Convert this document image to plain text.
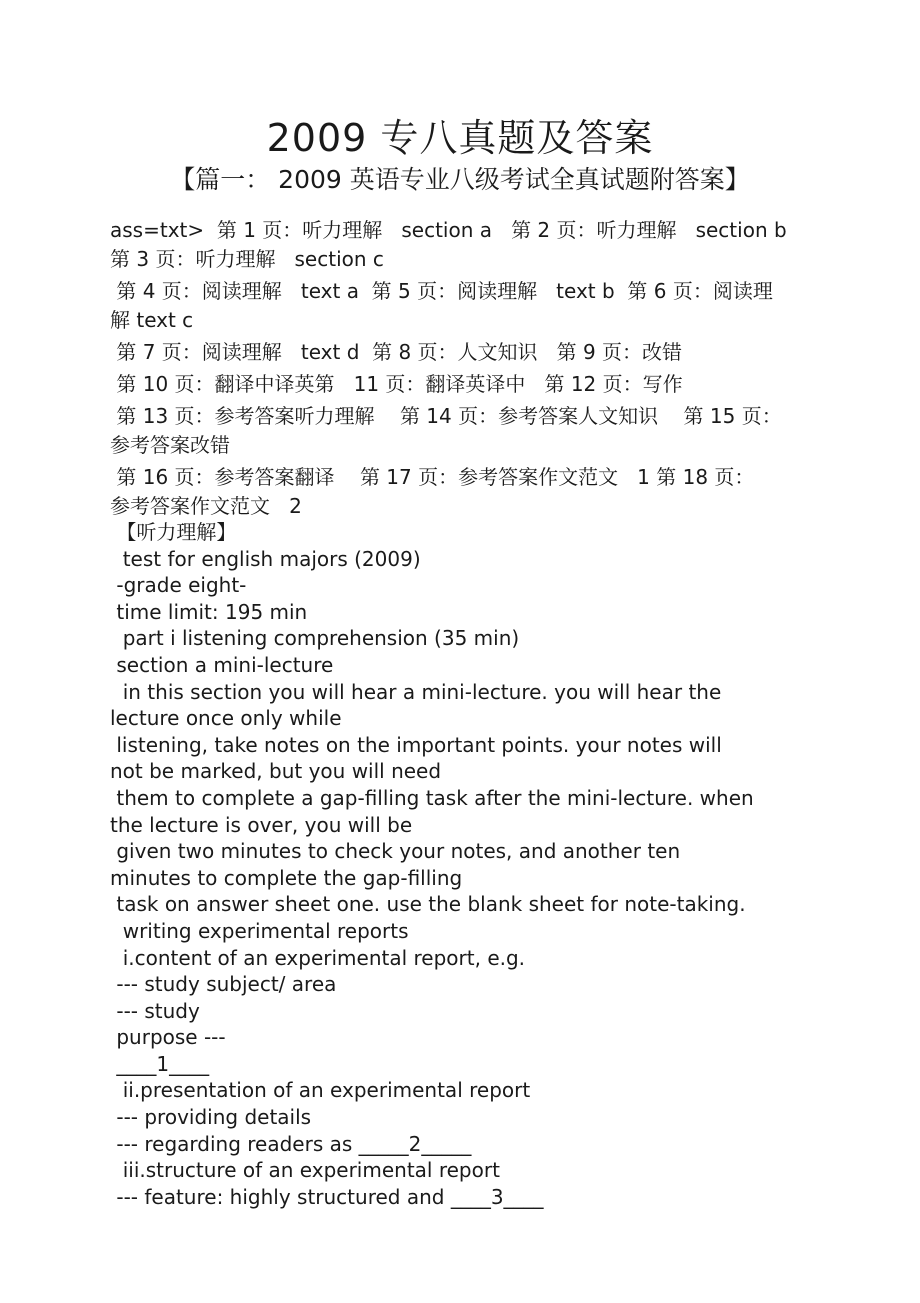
2009 专八真题及答案
【篇一： 2009 英语专业八级考试全真试题附答案】
ass=txt>  第 1 页：听力理解   section a   第 2 页：听力理解   section b
第 3 页：听力理解   section c
第 4 页：阅读理解   text a  第 5 页：阅读理解   text b  第 6 页：阅读理
解 text c
第 7 页：阅读理解   text d  第 8 页：人文知识   第 9 页：改错
第 10 页：翻译中译英第   11 页：翻译英译中   第 12 页：写作
第 13 页：参考答案听力理解    第 14 页：参考答案人文知识    第 15 页：
参考答案改错
第 16 页：参考答案翻译    第 17 页：参考答案作文范文   1 第 18 页：
参考答案作文范文   2
【听力理解】
test for english majors (2009)
-grade eight-
time limit: 195 min
part i listening comprehension (35 min)
section a mini-lecture
in this section you will hear a mini-lecture. you will hear the
lecture once only while
listening, take notes on the important points. your notes will
not be marked, but you will need
them to complete a gap-filling task after the mini-lecture. when
the lecture is over, you will be
given two minutes to check your notes, and another ten
minutes to complete the gap-filling
task on answer sheet one. use the blank sheet for note-taking.
writing experimental reports
i.content of an experimental report, e.g.
--- study subject/ area
--- study
purpose ---
____1____
ii.presentation of an experimental report
--- providing details
--- regarding readers as _____2_____
iii.structure of an experimental report
--- feature: highly structured and ____3____
